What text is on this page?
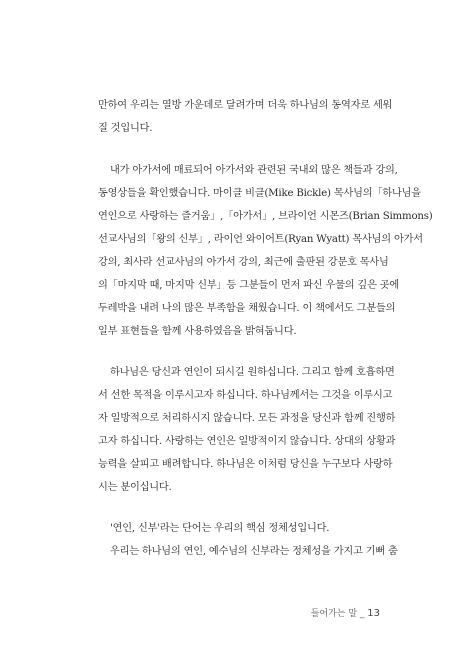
만하여 우리는 열방 가운데로 달려가며 더욱 하나님의 동역자로 세워
질 것입니다.
내가 아가서에 매료되어 아가서와 관련된 국내외 많은 책들과 강의,
동영상들을 확인했습니다. 마이클 비클(Mike Bickle) 목사님의「하나님을
연인으로 사랑하는 즐거움」,「아가서」, 브라이언 시몬즈(Brian Simmons)
선교사님의「왕의 신부」, 라이언 와이어트(Ryan Wyatt) 목사님의 아가서
강의, 최사라 선교사님의 아가서 강의, 최근에 출판된 강문호 목사님
의「마지막 때, 마지막 신부」등 그분들이 먼저 파신 우물의 깊은 곳에
두레박을 내려 나의 많은 부족함을 채웠습니다. 이 책에서도 그분들의
일부 표현들을 함께 사용하였음을 밝혀둡니다.
하나님은 당신과 연인이 되시길 원하십니다. 그리고 함께 호흡하면
서 선한 목적을 이루시고자 하십니다. 하나님께서는 그것을 이루시고
자 일방적으로 처리하시지 않습니다. 모든 과정을 당신과 함께 진행하
고자 하십니다. 사랑하는 연인은 일방적이지 않습니다. 상대의 상황과
능력을 살피고 배려합니다. 하나님은 이처럼 당신을 누구보다 사랑하
시는 분이십니다.
'연인, 신부'라는 단어는 우리의 핵심 정체성입니다.
우리는 하나님의 연인, 예수님의 신부라는 정체성을 가지고 기뻐 춤
들어가는 말 _ 13
